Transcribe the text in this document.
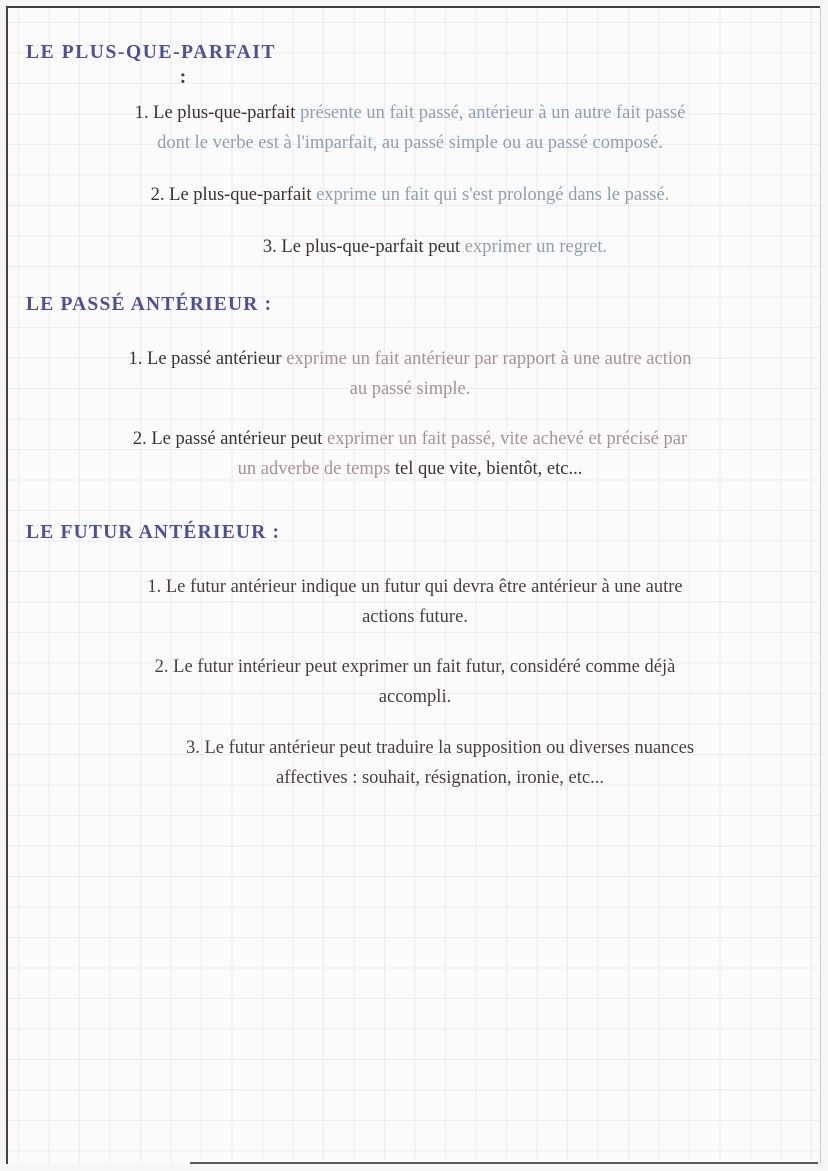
LE PLUS-QUE-PARFAIT
:
1. Le plus-que-parfait présente un fait passé, antérieur à un autre fait passé
dont le verbe est à l'imparfait, au passé simple ou au passé composé.
2. Le plus-que-parfait exprime un fait qui s'est prolongé dans le passé.
3. Le plus-que-parfait peut exprimer un regret.
LE PASSÉ ANTÉRIEUR :
1. Le passé antérieur exprime un fait antérieur par rapport à une autre action
au passé simple.
2. Le passé antérieur peut exprimer un fait passé, vite achevé et précisé par
un adverbe de temps tel que vite, bientôt, etc...
LE FUTUR ANTÉRIEUR :
1. Le futur antérieur indique un futur qui devra être antérieur à une autre
actions future.
2. Le futur intérieur peut exprimer un fait futur, considéré comme déjà
accompli.
3. Le futur antérieur peut traduire la supposition ou diverses nuances
affectives : souhait, résignation, ironie, etc...
